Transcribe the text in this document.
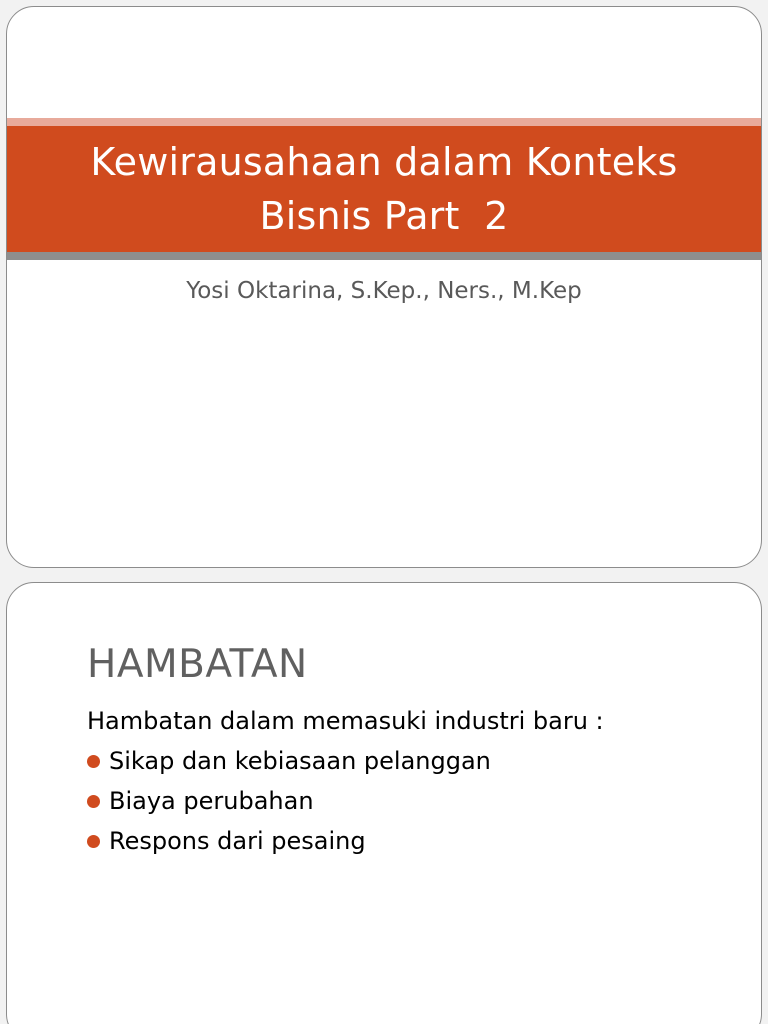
Kewirausahaan dalam Konteks
Bisnis Part  2
Yosi Oktarina, S.Kep., Ners., M.Kep
HAMBATAN

Hambatan dalam memasuki industri baru :

Sikap dan kebiasaan pelanggan
Biaya perubahan
Respons dari pesaing
